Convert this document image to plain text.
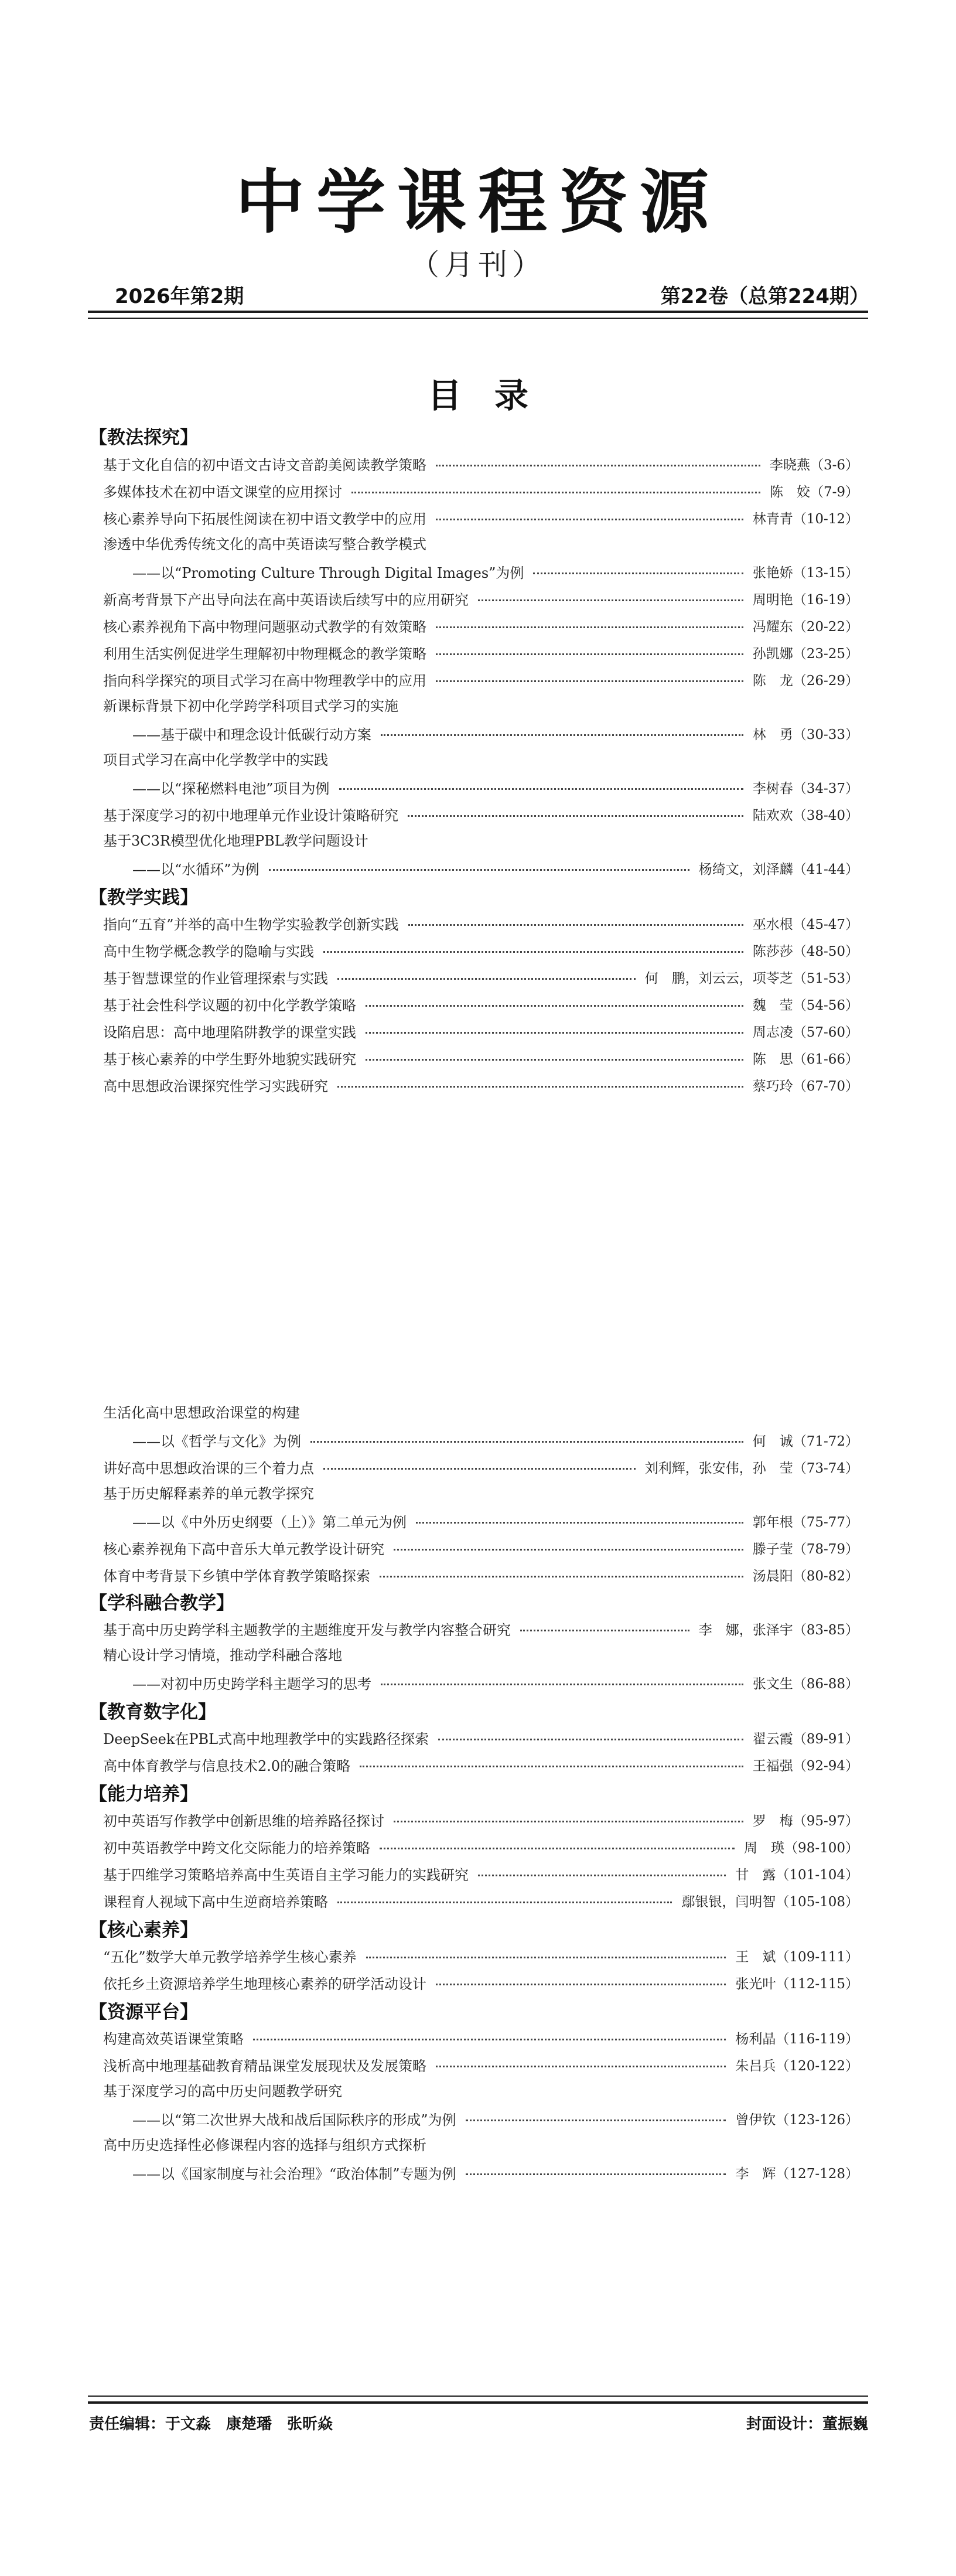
中学课程资源
（月刊）
2026年第2期	第22卷（总第224期）
目录
【教法探究】
基于文化自信的初中语文古诗文音韵美阅读教学策略	李晓燕 （3-6）
多媒体技术在初中语文课堂的应用探讨	陈　姣 （7-9）
核心素养导向下拓展性阅读在初中语文教学中的应用	林青青 （10-12）
渗透中华优秀传统文化的高中英语读写整合教学模式
——以“Promoting Culture Through Digital Images”为例	张艳娇 （13-15）
新高考背景下产出导向法在高中英语读后续写中的应用研究	周明艳 （16-19）
核心素养视角下高中物理问题驱动式教学的有效策略	冯耀东 （20-22）
利用生活实例促进学生理解初中物理概念的教学策略	孙凯娜 （23-25）
指向科学探究的项目式学习在高中物理教学中的应用	陈　龙 （26-29）
新课标背景下初中化学跨学科项目式学习的实施
——基于碳中和理念设计低碳行动方案	林　勇 （30-33）
项目式学习在高中化学教学中的实践
——以“探秘燃料电池”项目为例	李树春 （34-37）
基于深度学习的初中地理单元作业设计策略研究	陆欢欢 （38-40）
基于3C3R模型优化地理PBL教学问题设计
——以“水循环”为例	杨绮文，刘泽麟 （41-44）
【教学实践】
指向“五育”并举的高中生物学实验教学创新实践	巫水根 （45-47）
高中生物学概念教学的隐喻与实践	陈莎莎 （48-50）
基于智慧课堂的作业管理探索与实践	何　鹏，刘云云，项苓芝 （51-53）
基于社会性科学议题的初中化学教学策略	魏　莹 （54-56）
设陷启思：高中地理陷阱教学的课堂实践	周志凌 （57-60）
基于核心素养的中学生野外地貌实践研究	陈　思 （61-66）
高中思想政治课探究性学习实践研究	蔡巧玲 （67-70）
生活化高中思想政治课堂的构建
——以《哲学与文化》为例	何　诚 （71-72）
讲好高中思想政治课的三个着力点	刘利辉，张安伟，孙　莹 （73-74）
基于历史解释素养的单元教学探究
——以《中外历史纲要（上）》第二单元为例	郭年根 （75-77）
核心素养视角下高中音乐大单元教学设计研究	滕子莹 （78-79）
体育中考背景下乡镇中学体育教学策略探索	汤晨阳 （80-82）
【学科融合教学】
基于高中历史跨学科主题教学的主题维度开发与教学内容整合研究	李　娜，张泽宇 （83-85）
精心设计学习情境，推动学科融合落地
——对初中历史跨学科主题学习的思考	张文生 （86-88）
【教育数字化】
DeepSeek在PBL式高中地理教学中的实践路径探索	翟云霞 （89-91）
高中体育教学与信息技术2.0的融合策略	王福强 （92-94）
【能力培养】
初中英语写作教学中创新思维的培养路径探讨	罗　梅 （95-97）
初中英语教学中跨文化交际能力的培养策略	周　瑛 （98-100）
基于四维学习策略培养高中生英语自主学习能力的实践研究	甘　露 （101-104）
课程育人视域下高中生逆商培养策略	鄢银银，闫明智 （105-108）
【核心素养】
“五化”数学大单元教学培养学生核心素养	王　斌 （109-111）
依托乡土资源培养学生地理核心素养的研学活动设计	张光叶 （112-115）
【资源平台】
构建高效英语课堂策略	杨利晶 （116-119）
浅析高中地理基础教育精品课堂发展现状及发展策略	朱吕兵 （120-122）
基于深度学习的高中历史问题教学研究
——以“第二次世界大战和战后国际秩序的形成”为例	曾伊钦 （123-126）
高中历史选择性必修课程内容的选择与组织方式探析
——以《国家制度与社会治理》“政治体制”专题为例	李　辉 （127-128）
责任编辑：于文淼　康楚璠　张昕焱	封面设计：董振巍
